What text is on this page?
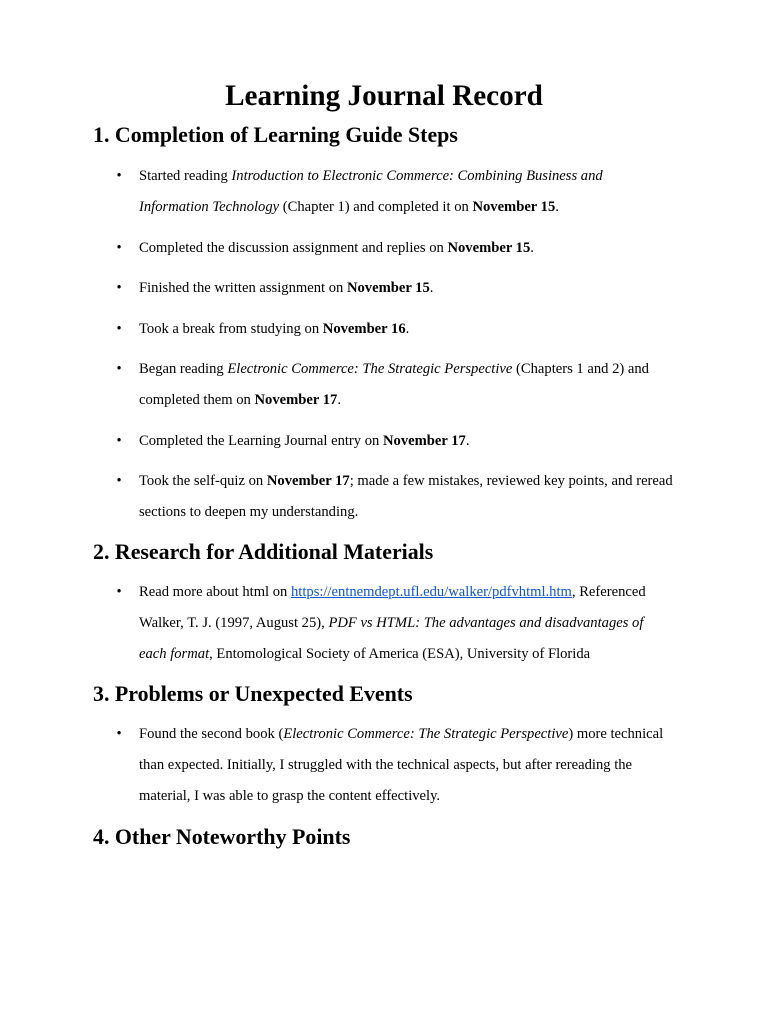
Learning Journal Record
1. Completion of Learning Guide Steps
• Started reading Introduction to Electronic Commerce: Combining Business and Information Technology (Chapter 1) and completed it on November 15.
• Completed the discussion assignment and replies on November 15.
• Finished the written assignment on November 15.
• Took a break from studying on November 16.
• Began reading Electronic Commerce: The Strategic Perspective (Chapters 1 and 2) and completed them on November 17.
• Completed the Learning Journal entry on November 17.
• Took the self-quiz on November 17; made a few mistakes, reviewed key points, and reread sections to deepen my understanding.
2. Research for Additional Materials
• Read more about html on https://entnemdept.ufl.edu/walker/pdfvhtml.htm, Referenced Walker, T. J. (1997, August 25), PDF vs HTML: The advantages and disadvantages of each format, Entomological Society of America (ESA), University of Florida
3. Problems or Unexpected Events
• Found the second book (Electronic Commerce: The Strategic Perspective) more technical than expected. Initially, I struggled with the technical aspects, but after rereading the material, I was able to grasp the content effectively.
4. Other Noteworthy Points
